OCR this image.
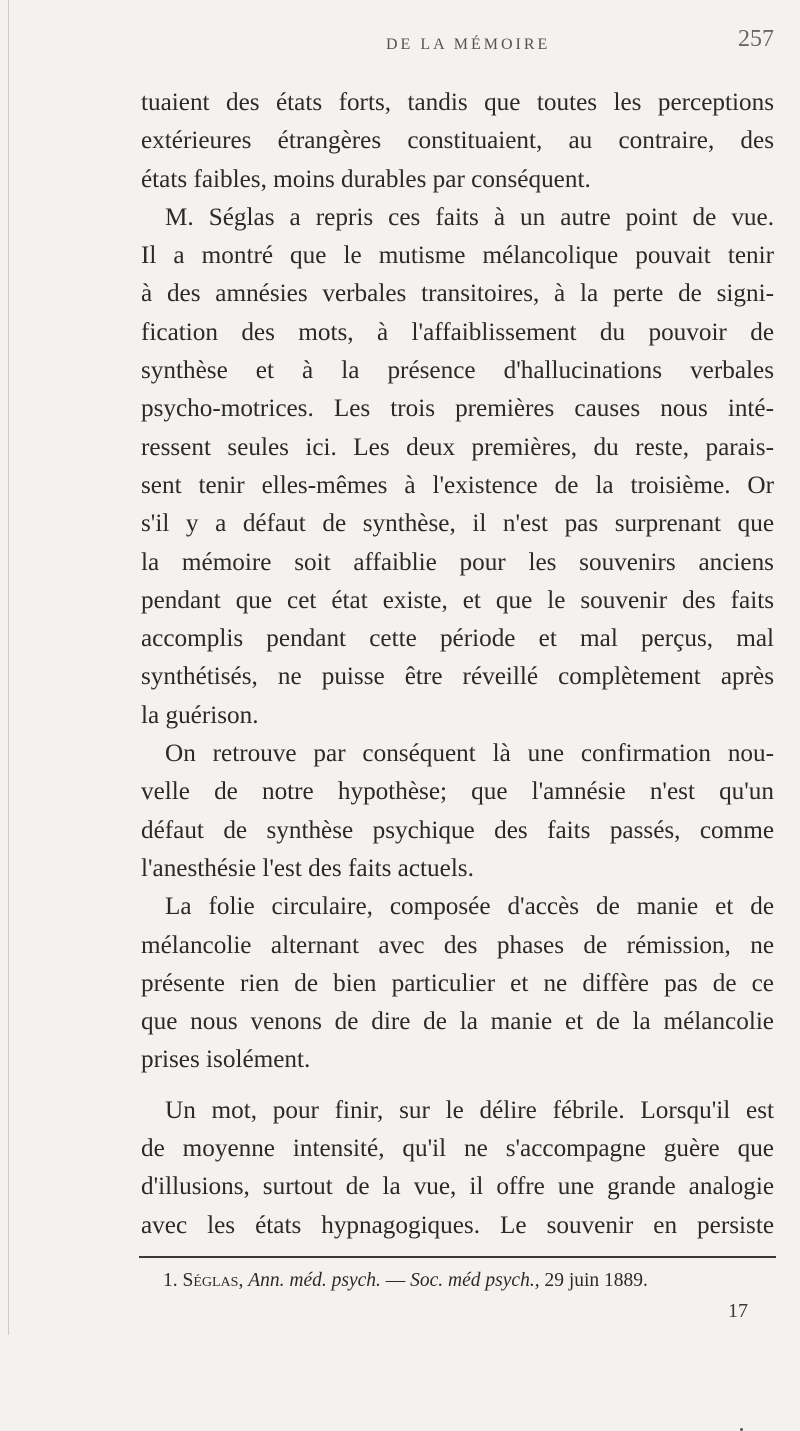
DE LA MÉMOIRE	257
tuaient des états forts, tandis que toutes les perceptions
extérieures étrangères constituaient, au contraire, des
états faibles, moins durables par conséquent.
M. Séglas a repris ces faits à un autre point de vue.
Il a montré que le mutisme mélancolique pouvait tenir
à des amnésies verbales transitoires, à la perte de signi-
fication des mots, à l'affaiblissement du pouvoir de
synthèse et à la présence d'hallucinations verbales
psycho-motrices. Les trois premières causes nous inté-
ressent seules ici. Les deux premières, du reste, parais-
sent tenir elles-mêmes à l'existence de la troisième. Or
s'il y a défaut de synthèse, il n'est pas surprenant que
la mémoire soit affaiblie pour les souvenirs anciens
pendant que cet état existe, et que le souvenir des faits
accomplis pendant cette période et mal perçus, mal
synthétisés, ne puisse être réveillé complètement après
la guérison.
On retrouve par conséquent là une confirmation nou-
velle de notre hypothèse; que l'amnésie n'est qu'un
défaut de synthèse psychique des faits passés, comme
l'anesthésie l'est des faits actuels.
La folie circulaire, composée d'accès de manie et de
mélancolie alternant avec des phases de rémission, ne
présente rien de bien particulier et ne diffère pas de ce
que nous venons de dire de la manie et de la mélancolie
prises isolément.
Un mot, pour finir, sur le délire fébrile. Lorsqu'il est
de moyenne intensité, qu'il ne s'accompagne guère que
d'illusions, surtout de la vue, il offre une grande analogie
avec les états hypnagogiques. Le souvenir en persiste
1. Séglas, Ann. méd. psych. — Soc. méd psych., 29 juin 1889.
17
